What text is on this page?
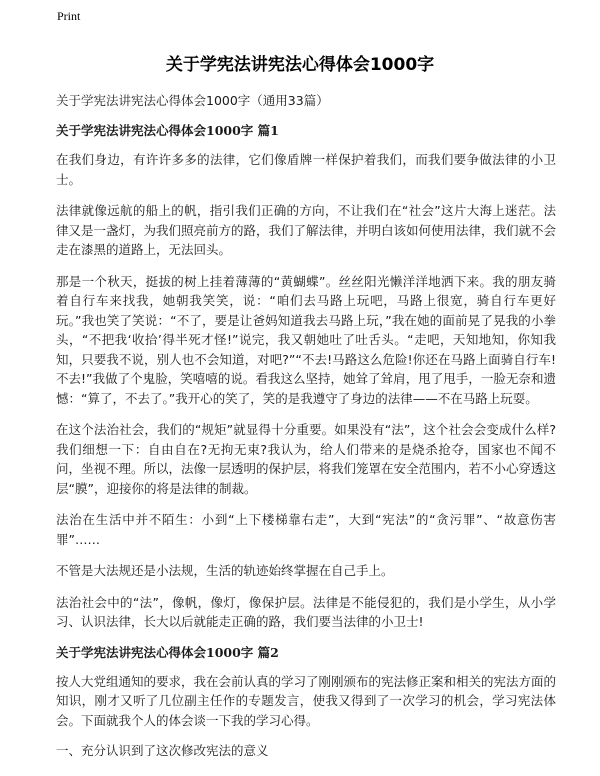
Print
关于学宪法讲宪法心得体会1000字

关于学宪法讲宪法心得体会1000字（通用33篇）

关于学宪法讲宪法心得体会1000字 篇1

在我们身边，有许许多多的法律，它们像盾牌一样保护着我们，而我们要争做法律的小卫士。

法律就像远航的船上的帆，指引我们正确的方向，不让我们在“社会”这片大海上迷茫。法律又是一盏灯，为我们照亮前方的路，我们了解法律，并明白该如何使用法律，我们就不会走在漆黑的道路上，无法回头。

那是一个秋天，挺拔的树上挂着薄薄的“黄蝴蝶”。丝丝阳光懒洋洋地洒下来。我的朋友骑着自行车来找我，她朝我笑笑，说：“咱们去马路上玩吧，马路上很宽，骑自行车更好玩。”我也笑了笑说：“不了，要是让爸妈知道我去马路上玩，”我在她的面前晃了晃我的小拳头，“不把我‘收拾’得半死才怪!”说完，我又朝她吐了吐舌头。“走吧，天知地知，你知我知，只要我不说，别人也不会知道，对吧?”“不去!马路这么危险!你还在马路上面骑自行车!不去!”我做了个鬼脸，笑嘻嘻的说。看我这么坚持，她耸了耸肩，甩了甩手，一脸无奈和遗憾：“算了，不去了。”我开心的笑了，笑的是我遵守了身边的法律——不在马路上玩耍。

在这个法治社会，我们的“规矩”就显得十分重要。如果没有“法”，这个社会会变成什么样?我们细想一下：自由自在?无拘无束?我认为，给人们带来的是烧杀抢夺，国家也不闻不问，坐视不理。所以，法像一层透明的保护层，将我们笼罩在安全范围内，若不小心穿透这层“膜”，迎接你的将是法律的制裁。

法治在生活中并不陌生：小到“上下楼梯靠右走”，大到“宪法”的“贪污罪”、“故意伤害罪”……

不管是大法规还是小法规，生活的轨迹始终掌握在自己手上。

法治社会中的“法”，像帆，像灯，像保护层。法律是不能侵犯的，我们是小学生，从小学习、认识法律，长大以后就能走正确的路，我们要当法律的小卫士!

关于学宪法讲宪法心得体会1000字 篇2

按人大党组通知的要求，我在会前认真的学习了刚刚颁布的宪法修正案和相关的宪法方面的知识，刚才又听了几位副主任作的专题发言，使我又得到了一次学习的机会，学习宪法体会。下面就我个人的体会谈一下我的学习心得。

一、充分认识到了这次修改宪法的意义
